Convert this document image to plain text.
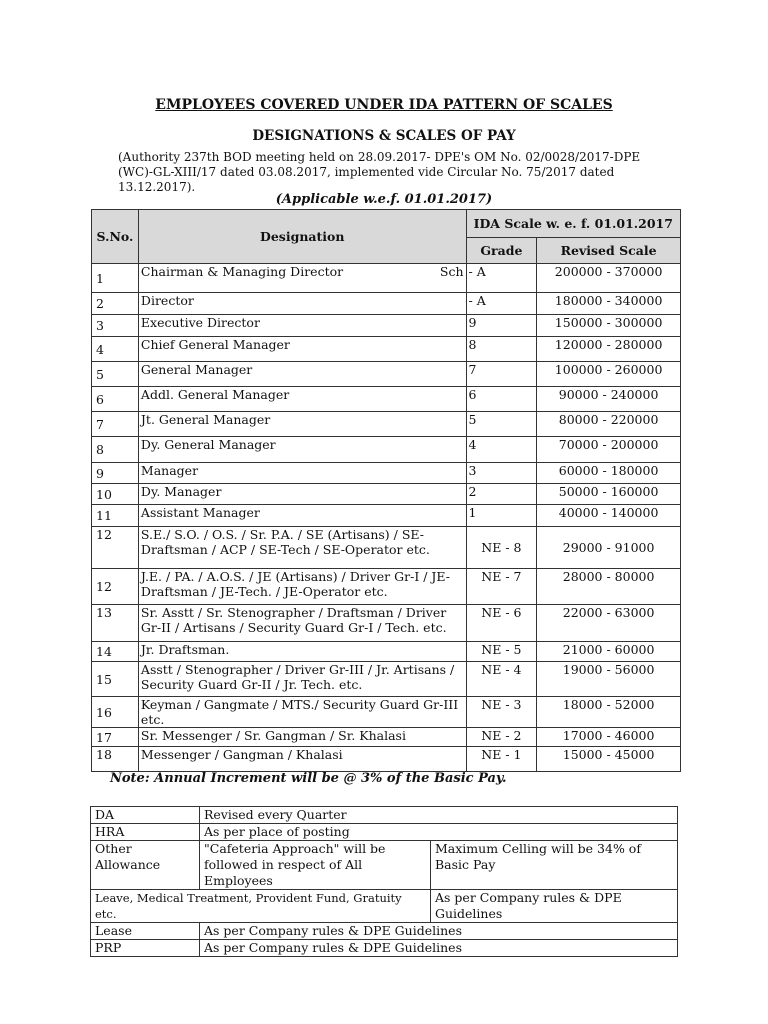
EMPLOYEES COVERED UNDER IDA PATTERN OF SCALES
DESIGNATIONS & SCALES OF PAY
(Authority 237th BOD meeting held on 28.09.2017- DPE's OM No. 02/0028/2017-DPE (WC)-GL-XIII/17 dated 03.08.2017, implemented vide Circular No. 75/2017 dated 13.12.2017).
(Applicable w.e.f. 01.01.2017)
S.No.	Designation	IDA Scale w. e. f. 01.01.2017	
		Grade	Revised Scale
1	Chairman & Managing Director Sch	- A	200000 - 370000
2	Director	- A	180000 - 340000
3	Executive Director	9	150000 - 300000
4	Chief General Manager	8	120000 - 280000
5	General Manager	7	100000 - 260000
6	Addl. General Manager	6	90000 - 240000
7	Jt. General Manager	5	80000 - 220000
8	Dy. General Manager	4	70000 - 200000
9	Manager	3	60000 - 180000
10	Dy. Manager	2	50000 - 160000
11	Assistant Manager	1	40000 - 140000
12	S.E./ S.O. / O.S. / Sr. P.A. / SE (Artisans) / SE-Draftsman / ACP / SE-Tech / SE-Operator etc.	NE - 8	29000 - 91000
12	J.E. / PA. / A.O.S. / JE (Artisans) / Driver Gr-I / JE-Draftsman / JE-Tech. / JE-Operator etc.	NE - 7	28000 - 80000
13	Sr. Asstt / Sr. Stenographer / Draftsman / Driver Gr-II / Artisans / Security Guard Gr-I / Tech. etc.	NE - 6	22000 - 63000
14	Jr. Draftsman.	NE - 5	21000 - 60000
15	Asstt / Stenographer / Driver Gr-III / Jr. Artisans / Security Guard Gr-II / Jr. Tech. etc.	NE - 4	19000 - 56000
16	Keyman / Gangmate / MTS./ Security Guard Gr-III etc.	NE - 3	18000 - 52000
17	Sr. Messenger / Sr. Gangman / Sr. Khalasi	NE - 2	17000 - 46000
18	Messenger / Gangman / Khalasi	NE - 1	15000 - 45000
Note: Annual Increment will be @ 3% of the Basic Pay.
DA	Revised every Quarter	
HRA	As per place of posting	
Other Allowance	"Cafeteria Approach" will be followed in respect of All Employees	Maximum Celling will be 34% of Basic Pay
Leave, Medical Treatment, Provident Fund, Gratuity etc.		As per Company rules & DPE Guidelines
Lease	As per Company rules & DPE Guidelines	
PRP	As per Company rules & DPE Guidelines	
